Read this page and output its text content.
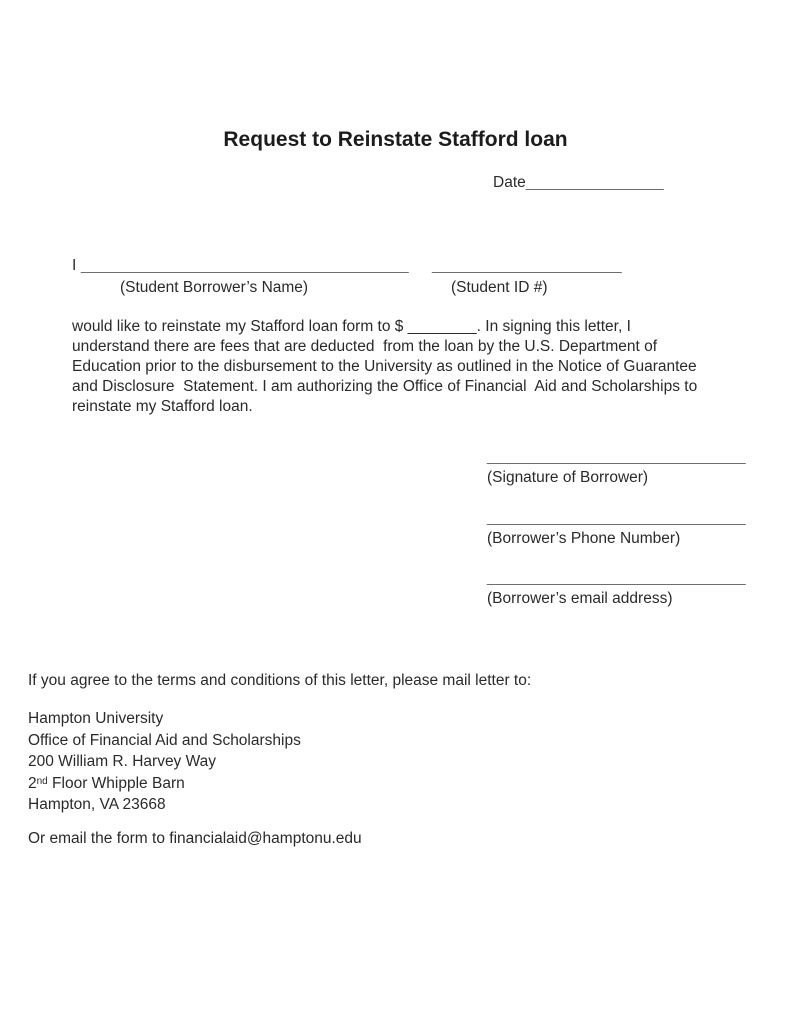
Request to Reinstate Stafford loan
Date________________
I ______________________________________ ______________________
(Student Borrower’s Name)	(Student ID #)
would like to reinstate my Stafford loan form to $ ________. In signing this letter, I
understand there are fees that are deducted  from the loan by the U.S. Department of
Education prior to the disbursement to the University as outlined in the Notice of Guarantee
and Disclosure  Statement. I am authorizing the Office of Financial  Aid and Scholarships to
reinstate my Stafford loan.
______________________________
(Signature of Borrower)
______________________________
(Borrower’s Phone Number)
______________________________
(Borrower’s email address)
If you agree to the terms and conditions of this letter, please mail letter to:
Hampton University
Office of Financial Aid and Scholarships
200 William R. Harvey Way
2nd Floor Whipple Barn
Hampton, VA 23668
Or email the form to financialaid@hamptonu.edu
